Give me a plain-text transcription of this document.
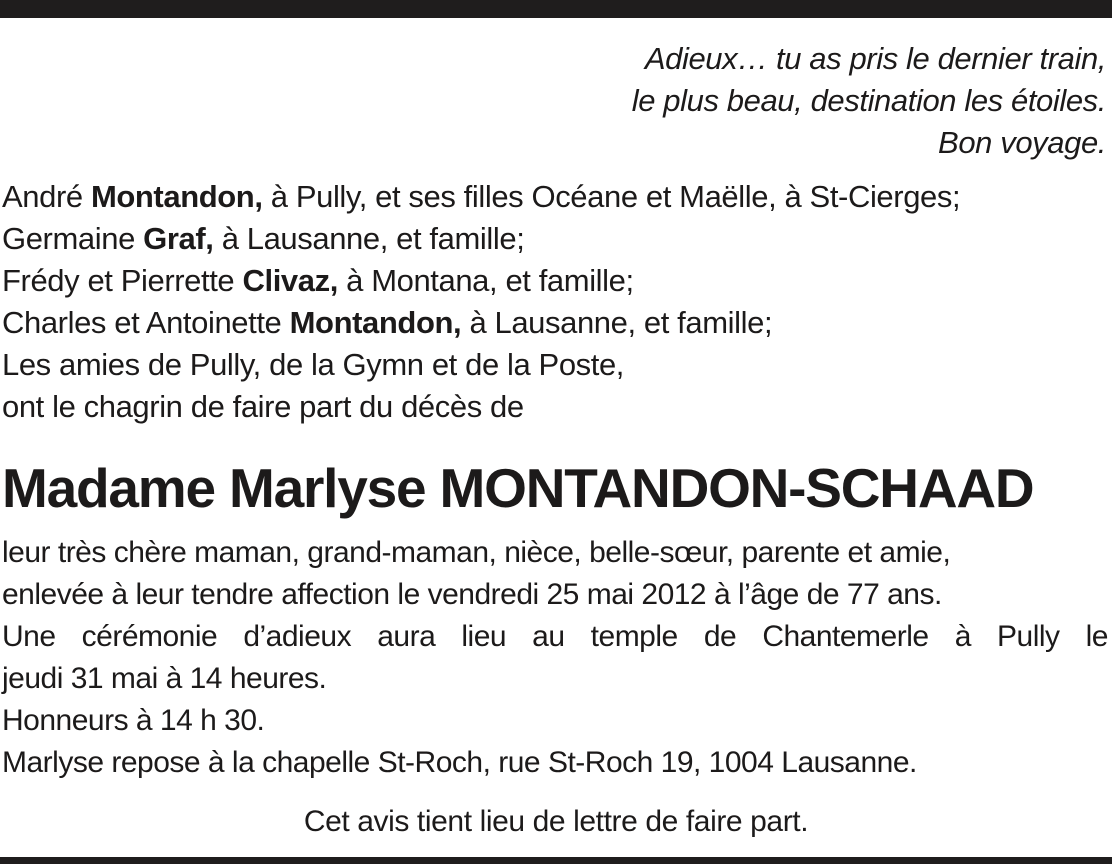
Adieux… tu as pris le dernier train,
le plus beau, destination les étoiles.
Bon voyage.
André Montandon, à Pully, et ses filles Océane et Maëlle, à St-Cierges;
Germaine Graf, à Lausanne, et famille;
Frédy et Pierrette Clivaz, à Montana, et famille;
Charles et Antoinette Montandon, à Lausanne, et famille;
Les amies de Pully, de la Gymn et de la Poste,
ont le chagrin de faire part du décès de
Madame Marlyse MONTANDON-SCHAAD
leur très chère maman, grand-maman, nièce, belle-sœur, parente et amie,
enlevée à leur tendre affection le vendredi 25 mai 2012 à l’âge de 77 ans.
Une cérémonie d’adieux aura lieu au temple de Chantemerle à Pully le
jeudi 31 mai à 14 heures.
Honneurs à 14 h 30.
Marlyse repose à la chapelle St-Roch, rue St-Roch 19, 1004 Lausanne.
Cet avis tient lieu de lettre de faire part.
